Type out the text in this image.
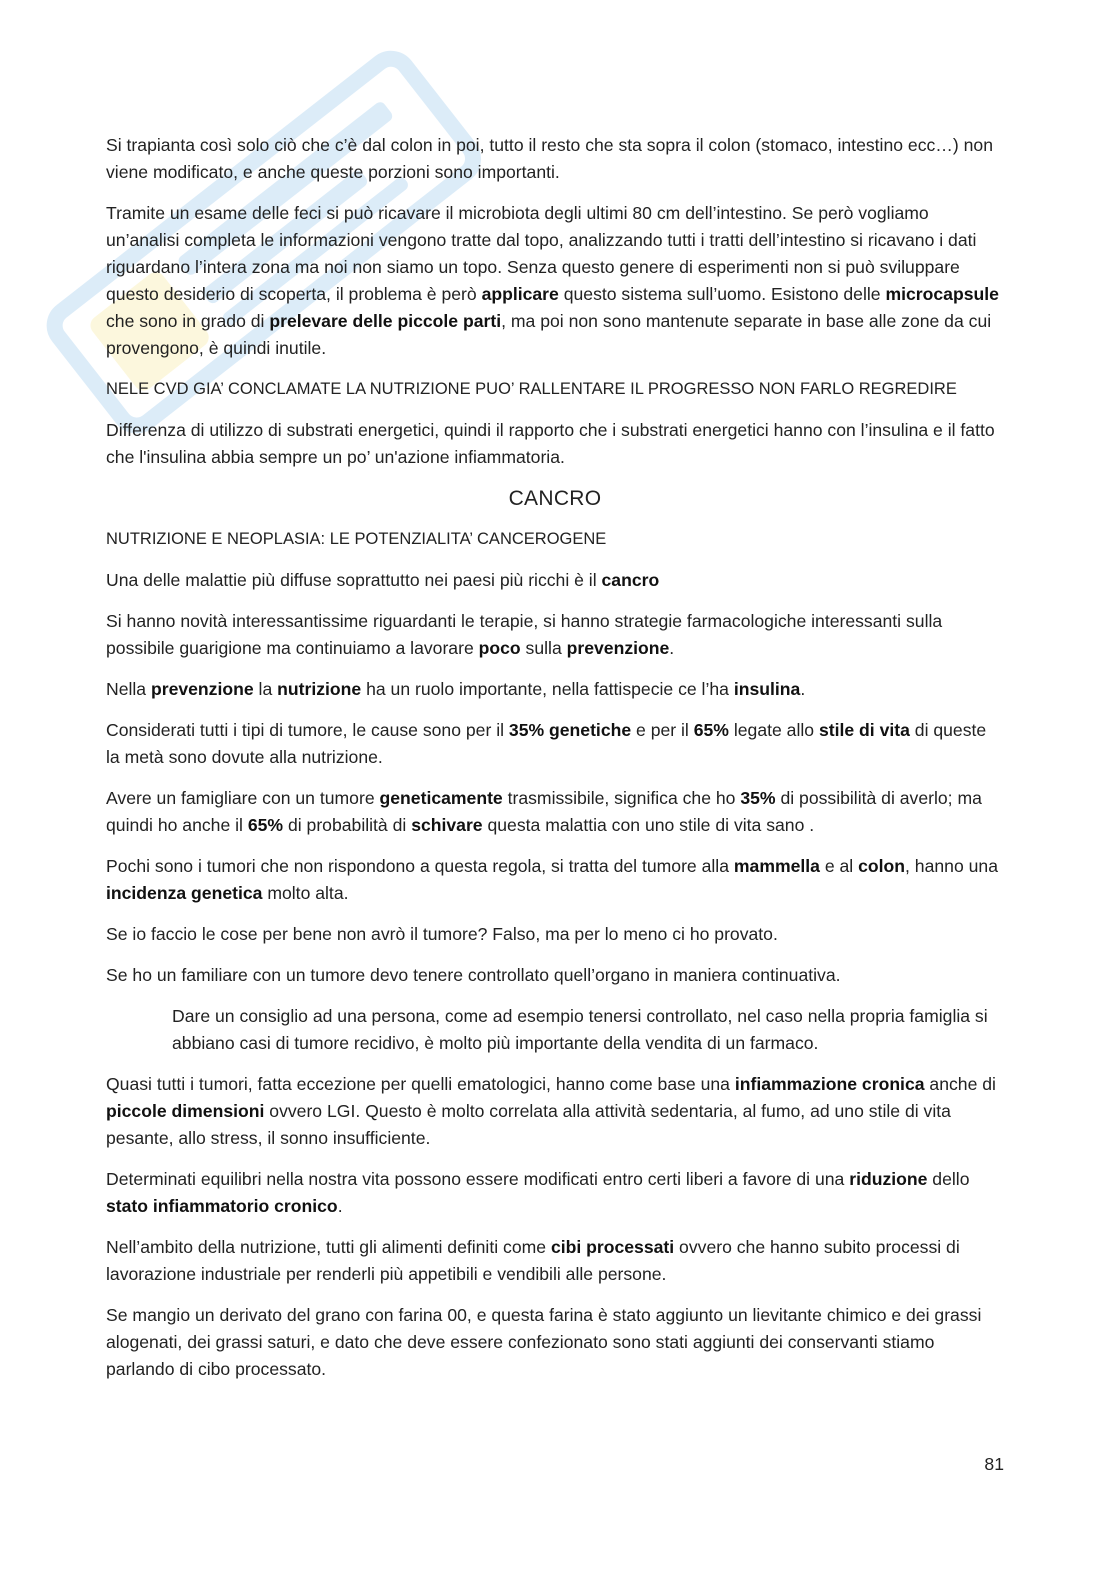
Si trapianta così solo ciò che c’è dal colon in poi, tutto il resto che sta sopra il colon (stomaco, intestino ecc…) non viene modificato, e anche queste porzioni sono importanti.

Tramite un esame delle feci si può ricavare il microbiota degli ultimi 80 cm dell’intestino. Se però vogliamo un’analisi completa le informazioni vengono tratte dal topo, analizzando tutti i tratti dell’intestino si ricavano i dati riguardano l’intera zona ma noi non siamo un topo. Senza questo genere di esperimenti non si può sviluppare questo desiderio di scoperta, il problema è però applicare questo sistema sull’uomo. Esistono delle microcapsule che sono in grado di prelevare delle piccole parti, ma poi non sono mantenute separate in base alle zone da cui provengono, è quindi inutile.

NELE CVD GIA’ CONCLAMATE LA NUTRIZIONE PUO’ RALLENTARE IL PROGRESSO NON FARLO REGREDIRE

Differenza di utilizzo di substrati energetici, quindi il rapporto che i substrati energetici hanno con l’insulina e il fatto che l'insulina abbia sempre un po’ un'azione infiammatoria.

CANCRO

NUTRIZIONE E NEOPLASIA: LE POTENZIALITA’ CANCEROGENE

Una delle malattie più diffuse soprattutto nei paesi più ricchi è il cancro

Si hanno novità interessantissime riguardanti le terapie, si hanno strategie farmacologiche interessanti sulla possibile guarigione ma continuiamo a lavorare poco sulla prevenzione.

Nella prevenzione la nutrizione ha un ruolo importante, nella fattispecie ce l’ha insulina.

Considerati tutti i tipi di tumore, le cause sono per il 35% genetiche e per il 65% legate allo stile di vita di queste la metà sono dovute alla nutrizione.

Avere un famigliare con un tumore geneticamente trasmissibile, significa che ho 35% di possibilità di averlo; ma quindi ho anche il 65% di probabilità di schivare questa malattia con uno stile di vita sano .

Pochi sono i tumori che non rispondono a questa regola, si tratta del tumore alla mammella e al colon, hanno una incidenza genetica molto alta.

Se io faccio le cose per bene non avrò il tumore? Falso, ma per lo meno ci ho provato.

Se ho un familiare con un tumore devo tenere controllato quell’organo in maniera continuativa.

Dare un consiglio ad una persona, come ad esempio tenersi controllato, nel caso nella propria famiglia si abbiano casi di tumore recidivo, è molto più importante della vendita di un farmaco.

Quasi tutti i tumori, fatta eccezione per quelli ematologici, hanno come base una infiammazione cronica anche di piccole dimensioni ovvero LGI. Questo è molto correlata alla attività sedentaria, al fumo, ad uno stile di vita pesante, allo stress, il sonno insufficiente.

Determinati equilibri nella nostra vita possono essere modificati entro certi liberi a favore di una riduzione dello stato infiammatorio cronico.

Nell’ambito della nutrizione, tutti gli alimenti definiti come cibi processati ovvero che hanno subito processi di lavorazione industriale per renderli più appetibili e vendibili alle persone.

Se mangio un derivato del grano con farina 00, e questa farina è stato aggiunto un lievitante chimico e dei grassi alogenati, dei grassi saturi, e dato che deve essere confezionato sono stati aggiunti dei conservanti stiamo parlando di cibo processato.

81
